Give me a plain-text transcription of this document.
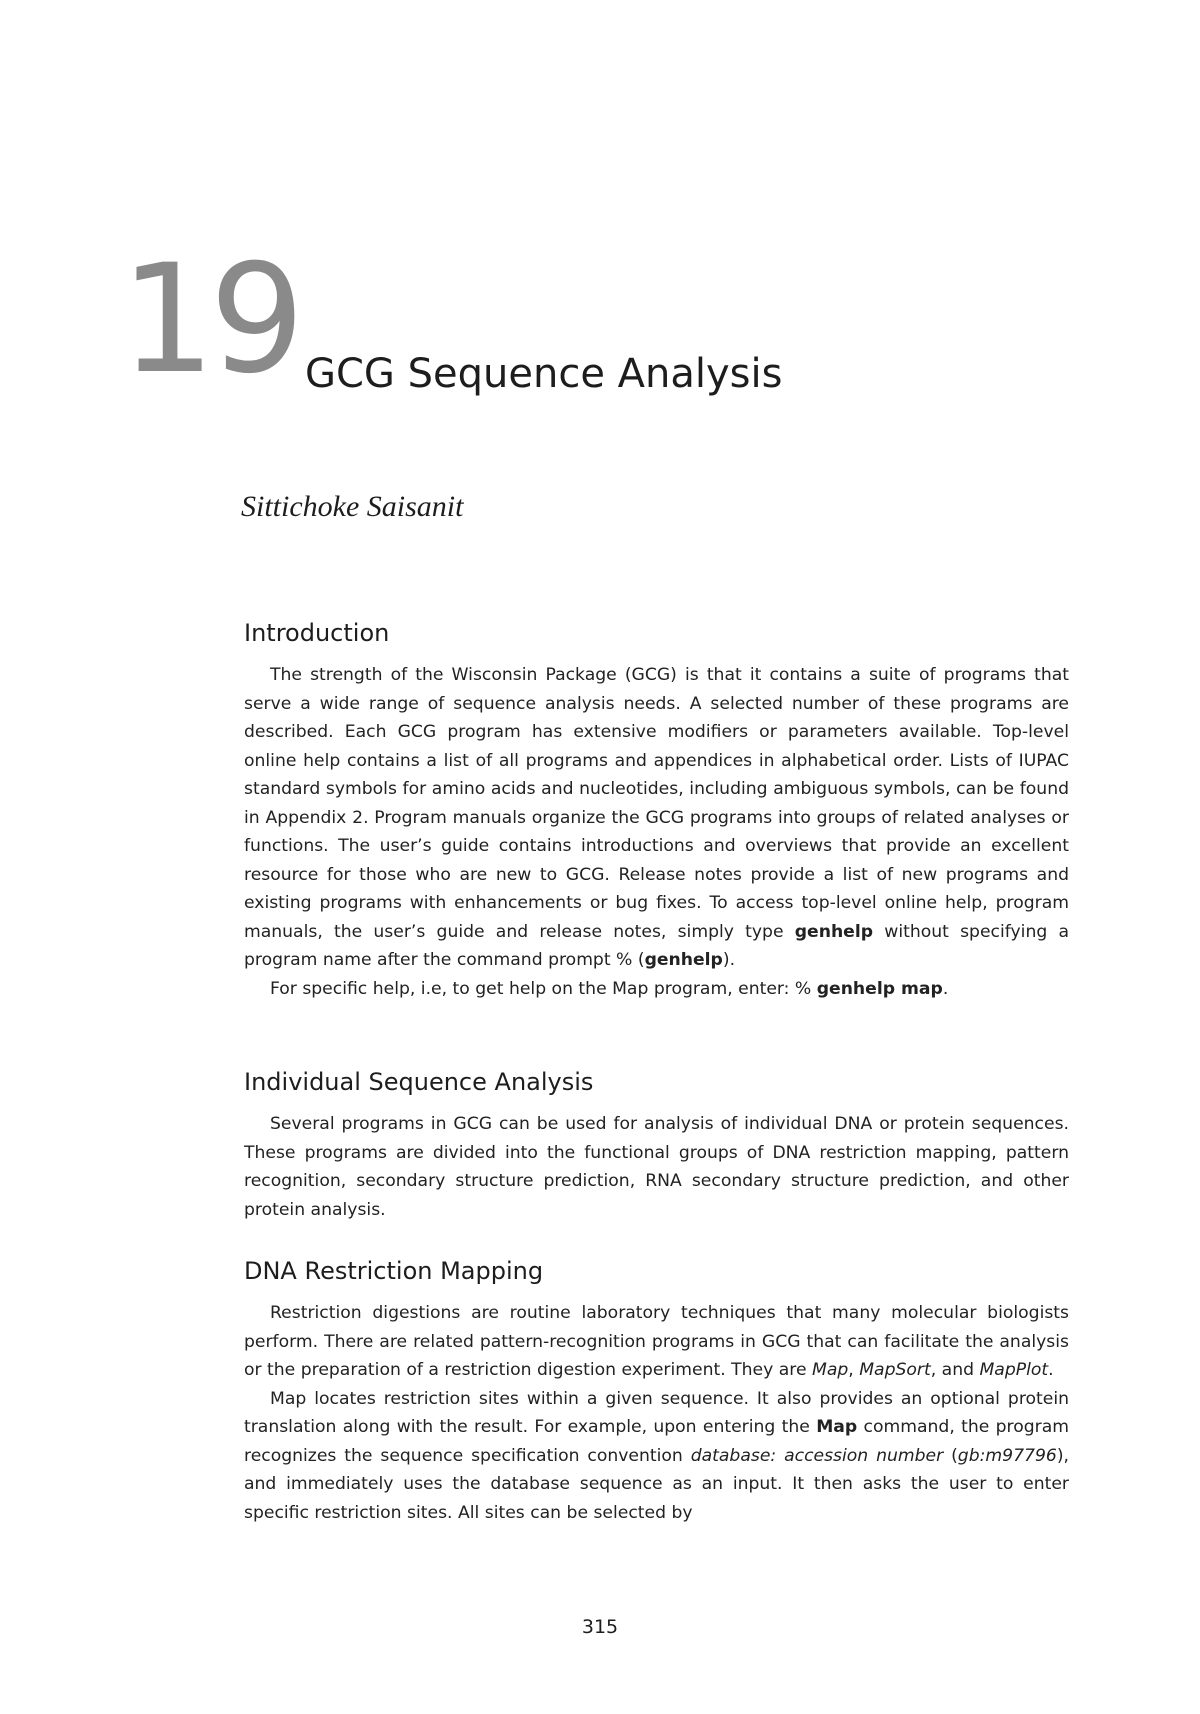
19 GCG Sequence Analysis
Sittichoke Saisanit
Introduction

The strength of the Wisconsin Package (GCG) is that it contains a suite of programs that serve a wide range of sequence analysis needs. A selected number of these programs are described. Each GCG program has extensive modifiers or parameters available. Top-level online help contains a list of all programs and appendices in alphabetical order. Lists of IUPAC standard symbols for amino acids and nucleotides, including ambiguous symbols, can be found in Appendix 2. Program manuals organize the GCG programs into groups of related analyses or functions. The user’s guide contains introductions and overviews that provide an excellent resource for those who are new to GCG. Release notes provide a list of new programs and existing programs with enhancements or bug fixes. To access top-level online help, program manuals, the user’s guide and release notes, simply type genhelp without specifying a program name after the command prompt % (genhelp).

For specific help, i.e, to get help on the Map program, enter: % genhelp map.

Individual Sequence Analysis

Several programs in GCG can be used for analysis of individual DNA or protein sequences. These programs are divided into the functional groups of DNA restriction mapping, pattern recognition, secondary structure prediction, RNA secondary structure prediction, and other protein analysis.

DNA Restriction Mapping

Restriction digestions are routine laboratory techniques that many molecular biologists perform. There are related pattern-recognition programs in GCG that can facilitate the analysis or the preparation of a restriction digestion experiment. They are Map, MapSort, and MapPlot.

Map locates restriction sites within a given sequence. It also provides an optional protein translation along with the result. For example, upon entering the Map command, the program recognizes the sequence specification convention database: accession number (gb:m97796), and immediately uses the database sequence as an input. It then asks the user to enter specific restriction sites. All sites can be selected by

315
